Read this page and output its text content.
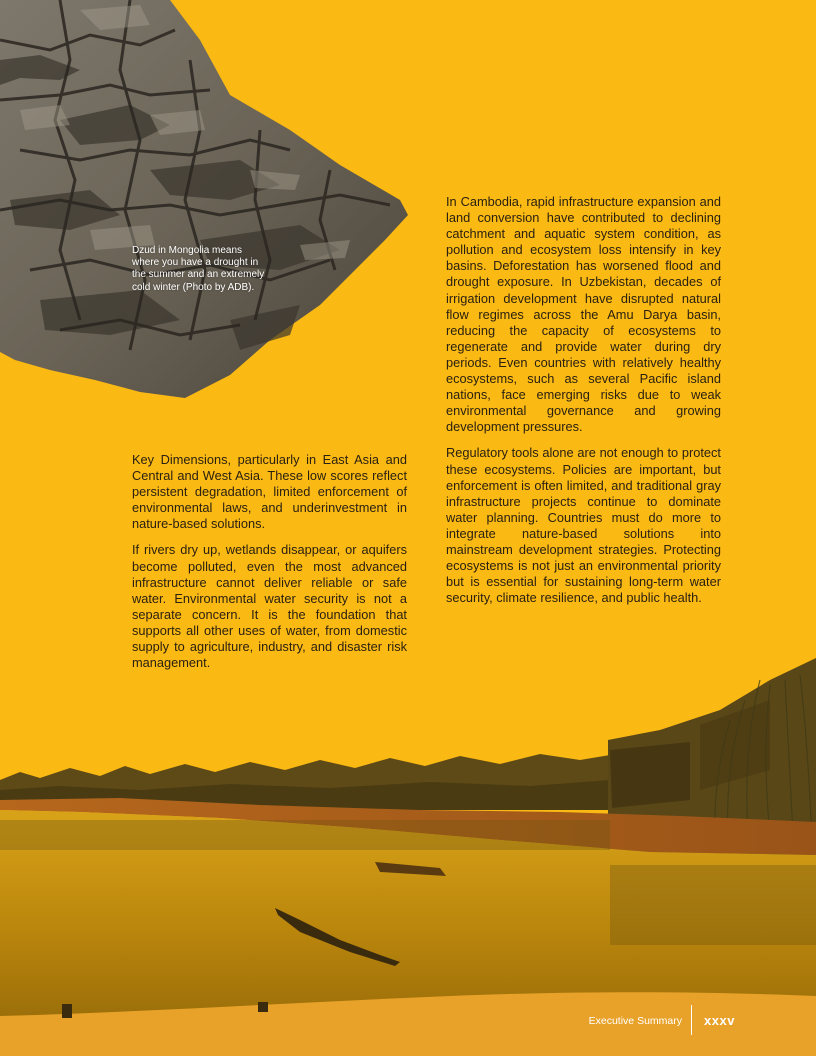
Dzud in Mongolia means where you have a drought in the summer and an extremely cold winter (Photo by ADB).

In Cambodia, rapid infrastructure expansion and land conversion have contributed to declining catchment and aquatic system condition, as pollution and ecosystem loss intensify in key basins. Deforestation has worsened flood and drought exposure. In Uzbekistan, decades of irrigation development have disrupted natural flow regimes across the Amu Darya basin, reducing the capacity of ecosystems to regenerate and provide water during dry periods. Even countries with relatively healthy ecosystems, such as several Pacific island nations, face emerging risks due to weak environmental governance and growing development pressures.

Regulatory tools alone are not enough to protect these ecosystems. Policies are important, but enforcement is often limited, and traditional gray infrastructure projects continue to dominate water planning. Countries must do more to integrate nature-based solutions into mainstream development strategies. Protecting ecosystems is not just an environmental priority but is essential for sustaining long-term water security, climate resilience, and public health.

Key Dimensions, particularly in East Asia and Central and West Asia. These low scores reflect persistent degradation, limited enforcement of environmental laws, and underinvestment in nature-based solutions.

If rivers dry up, wetlands disappear, or aquifers become polluted, even the most advanced infrastructure cannot deliver reliable or safe water. Environmental water security is not a separate concern. It is the foundation that supports all other uses of water, from domestic supply to agriculture, industry, and disaster risk management.

Executive Summary xxxv
